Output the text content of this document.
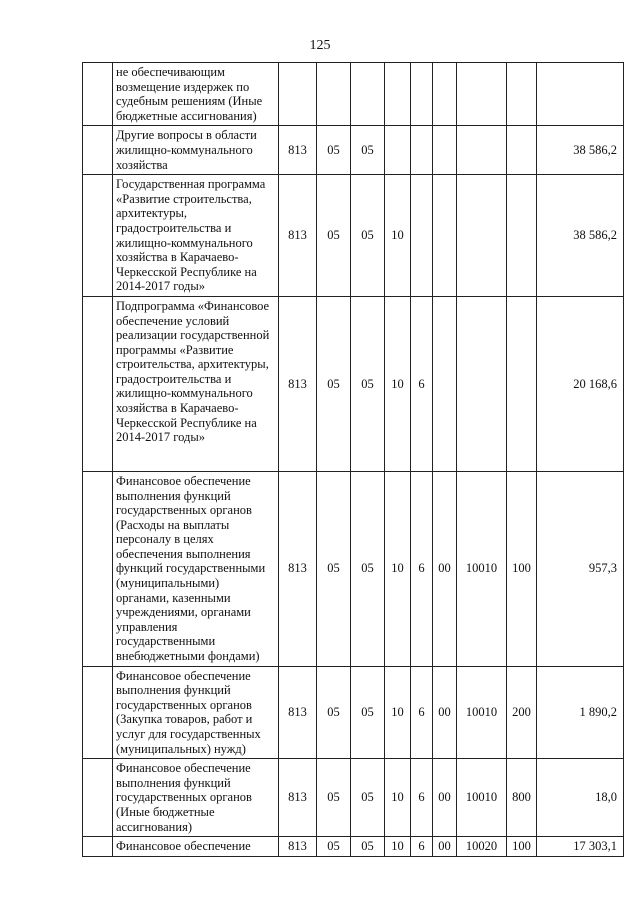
125
	не обеспечивающим возмещение издержек по судебным решениям (Иные бюджетные ассигнования)									
	Другие вопросы в области жилищно-коммунального хозяйства	813	05	05						38 586,2
	Государственная программа «Развитие строительства, архитектуры, градостроительства и жилищно-коммунального хозяйства в Карачаево-Черкесской Республике на 2014-2017 годы»	813	05	05	10					38 586,2
	Подпрограмма «Финансовое обеспечение условий реализации государственной программы «Развитие строительства, архитектуры, градостроительства и жилищно-коммунального хозяйства в Карачаево-Черкесской Республике на 2014-2017 годы»	813	05	05	10	6				20 168,6
	Финансовое обеспечение выполнения функций государственных органов (Расходы на выплаты персоналу в целях обеспечения выполнения функций государственными (муниципальными) органами, казенными учреждениями, органами управления государственными внебюджетными фондами)	813	05	05	10	6	00	10010	100	957,3
	Финансовое обеспечение выполнения функций государственных органов (Закупка товаров, работ и услуг для государственных (муниципальных) нужд)	813	05	05	10	6	00	10010	200	1 890,2
	Финансовое обеспечение выполнения функций государственных органов (Иные бюджетные ассигнования)	813	05	05	10	6	00	10010	800	18,0
	Финансовое обеспечение	813	05	05	10	6	00	10020	100	17 303,1
